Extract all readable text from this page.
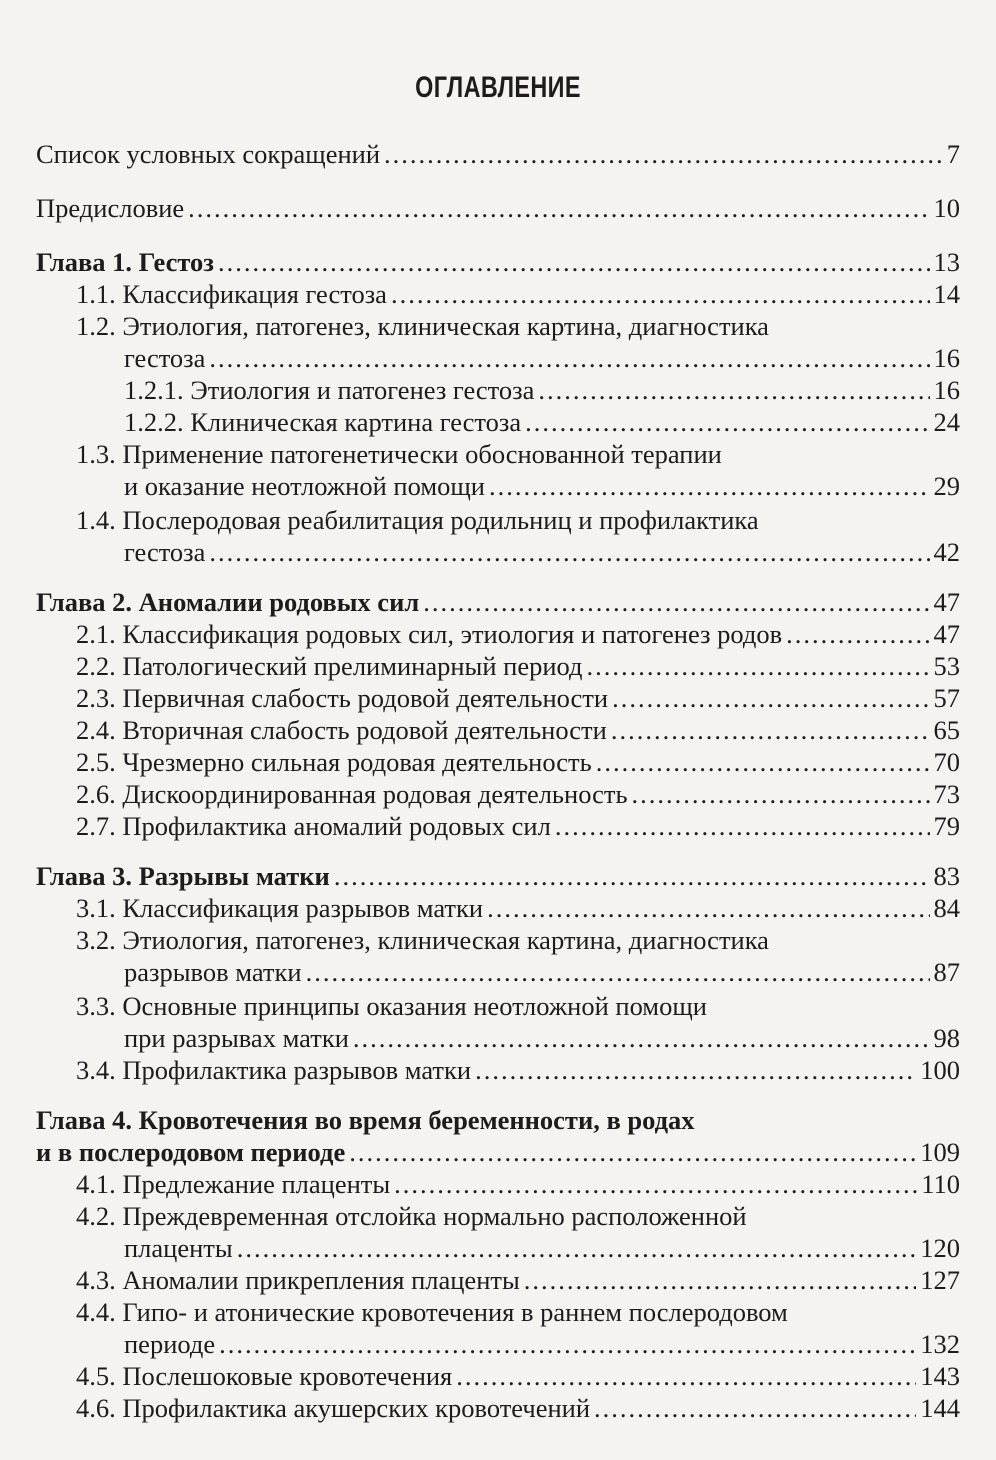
ОГЛАВЛЕНИЕ
Список условных сокращений .....	7
Предисловие .....	10
Глава 1. Гестоз .....	13
1.1. Классификация гестоза .....	14
1.2. Этиология, патогенез, клиническая картина, диагностика
гестоза .....	16
1.2.1. Этиология и патогенез гестоза .....	16
1.2.2. Клиническая картина гестоза .....	24
1.3. Применение патогенетически обоснованной терапии
и оказание неотложной помощи .....	29
1.4. Послеродовая реабилитация родильниц и профилактика
гестоза .....	42
Глава 2. Аномалии родовых сил .....	47
2.1. Классификация родовых сил, этиология и патогенез родов .....	47
2.2. Патологический прелиминарный период .....	53
2.3. Первичная слабость родовой деятельности .....	57
2.4. Вторичная слабость родовой деятельности .....	65
2.5. Чрезмерно сильная родовая деятельность .....	70
2.6. Дискоординированная родовая деятельность .....	73
2.7. Профилактика аномалий родовых сил .....	79
Глава 3. Разрывы матки .....	83
3.1. Классификация разрывов матки .....	84
3.2. Этиология, патогенез, клиническая картина, диагностика
разрывов матки .....	87
3.3. Основные принципы оказания неотложной помощи
при разрывах матки .....	98
3.4. Профилактика разрывов матки .....	100
Глава 4. Кровотечения во время беременности, в родах
и в послеродовом периоде .....	109
4.1. Предлежание плаценты .....	110
4.2. Преждевременная отслойка нормально расположенной
плаценты .....	120
4.3. Аномалии прикрепления плаценты .....	127
4.4. Гипо- и атонические кровотечения в раннем послеродовом
периоде .....	132
4.5. Послешоковые кровотечения .....	143
4.6. Профилактика акушерских кровотечений .....	144
